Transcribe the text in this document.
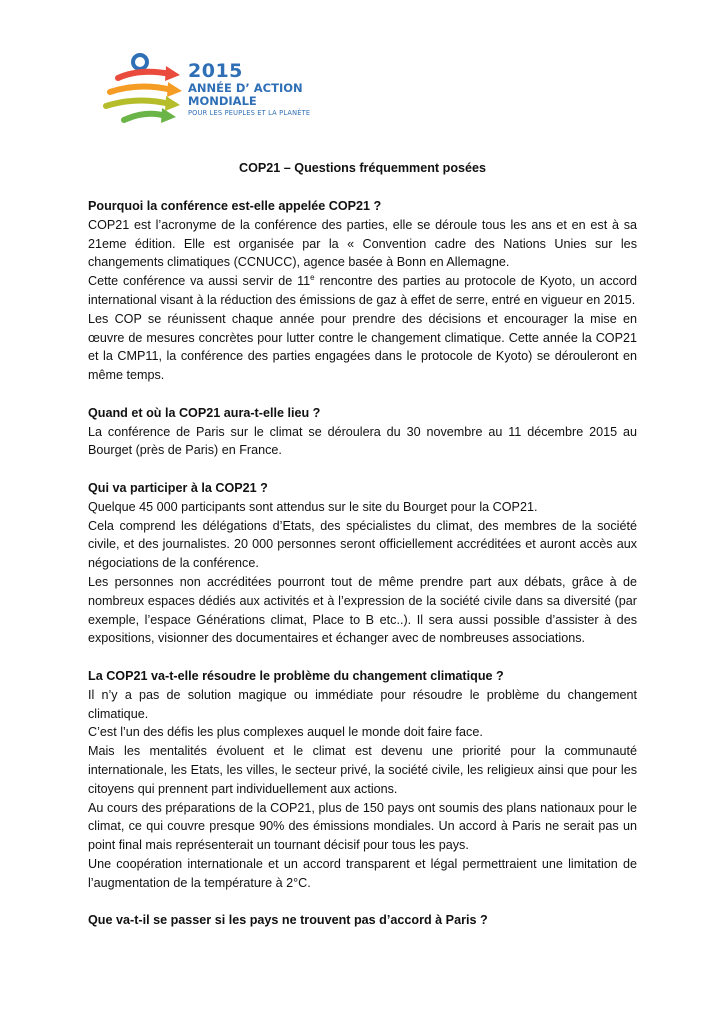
2015
ANNÉE D’ ACTION
MONDIALE
POUR LES PEUPLES ET LA PLANÈTE
COP21 – Questions fréquemment posées

Pourquoi la conférence est-elle appelée COP21 ?

COP21 est l’acronyme de la conférence des parties, elle se déroule tous les ans et en est à sa 21eme édition. Elle est organisée par la « Convention cadre des Nations Unies sur les changements climatiques (CCNUCC), agence basée à Bonn en Allemagne.

Cette conférence va aussi servir de 11e rencontre des parties au protocole de Kyoto, un accord international visant à la réduction des émissions de gaz à effet de serre, entré en vigueur en 2015.

Les COP se réunissent chaque année pour prendre des décisions et encourager la mise en œuvre de mesures concrètes pour lutter contre le changement climatique. Cette année la COP21 et la CMP11, la conférence des parties engagées dans le protocole de Kyoto) se dérouleront en même temps.

Quand et où la COP21 aura-t-elle lieu ?

La conférence de Paris sur le climat se déroulera du 30 novembre au 11 décembre 2015 au Bourget (près de Paris) en France.

Qui va participer à la COP21 ?

Quelque 45 000 participants sont attendus sur le site du Bourget pour la COP21.

Cela comprend les délégations d’Etats, des spécialistes du climat, des membres de la société civile, et des journalistes. 20 000 personnes seront officiellement accréditées et auront accès aux négociations de la conférence.

Les personnes non accréditées pourront tout de même prendre part aux débats, grâce à de nombreux espaces dédiés aux activités et à l’expression de la société civile dans sa diversité (par exemple, l’espace Générations climat, Place to B etc..). Il sera aussi possible d’assister à des expositions, visionner des documentaires et échanger avec de nombreuses associations.

La COP21 va-t-elle résoudre le problème du changement climatique ?

Il n’y a pas de solution magique ou immédiate pour résoudre le problème du changement climatique.

C’est l’un des défis les plus complexes auquel le monde doit faire face.

Mais les mentalités évoluent et le climat est devenu une priorité pour la communauté internationale, les Etats, les villes, le secteur privé, la société civile, les religieux ainsi que pour les citoyens qui prennent part individuellement aux actions.

Au cours des préparations de la COP21, plus de 150 pays ont soumis des plans nationaux pour le climat, ce qui couvre presque 90% des émissions mondiales. Un accord à Paris ne serait pas un point final mais représenterait un tournant décisif pour tous les pays.

Une coopération internationale et un accord transparent et légal permettraient une limitation de l’augmentation de la température à 2°C.

Que va-t-il se passer si les pays ne trouvent pas d’accord à Paris ?
